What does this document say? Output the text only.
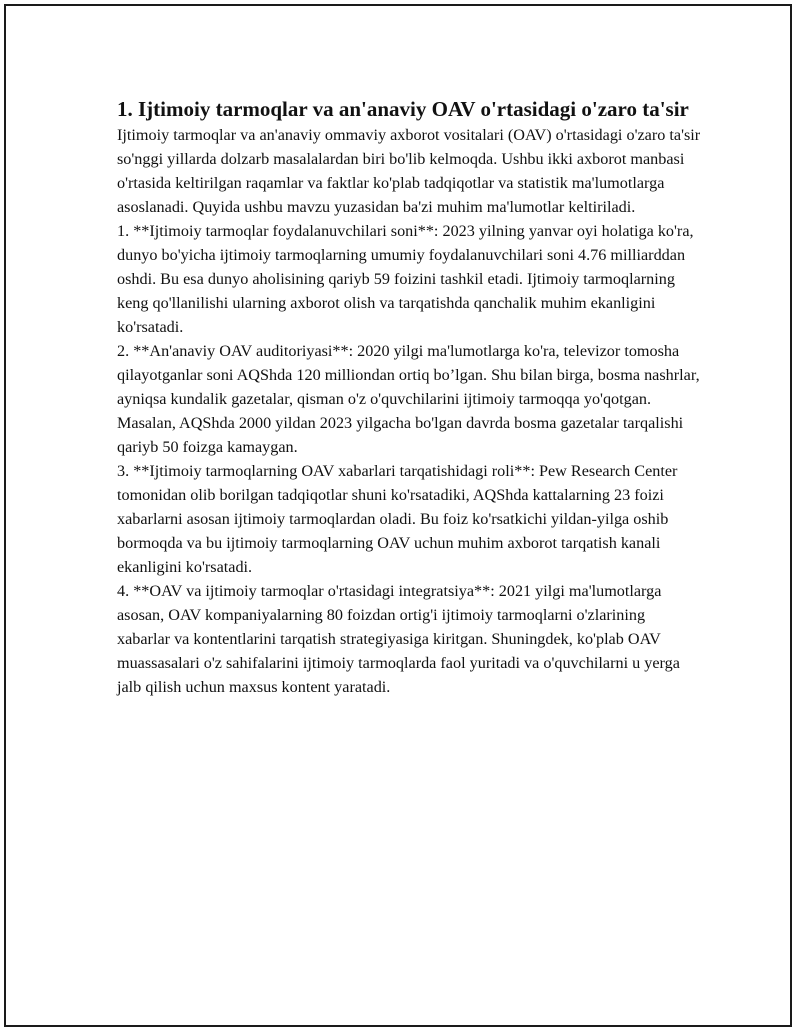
1. Ijtimoiy tarmoqlar va an'anaviy OAV o'rtasidagi o'zaro ta'sir

Ijtimoiy tarmoqlar va an'anaviy ommaviy axborot vositalari (OAV) o'rtasidagi o'zaro ta'sir so'nggi yillarda dolzarb masalalardan biri bo'lib kelmoqda. Ushbu ikki axborot manbasi o'rtasida keltirilgan raqamlar va faktlar ko'plab tadqiqotlar va statistik ma'lumotlarga asoslanadi. Quyida ushbu mavzu yuzasidan ba'zi muhim ma'lumotlar keltiriladi.

1. **Ijtimoiy tarmoqlar foydalanuvchilari soni**: 2023 yilning yanvar oyi holatiga ko'ra, dunyo bo'yicha ijtimoiy tarmoqlarning umumiy foydalanuvchilari soni 4.76 milliarddan oshdi. Bu esa dunyo aholisining qariyb 59 foizini tashkil etadi. Ijtimoiy tarmoqlarning keng qo'llanilishi ularning axborot olish va tarqatishda qanchalik muhim ekanligini ko'rsatadi.

2. **An'anaviy OAV auditoriyasi**: 2020 yilgi ma'lumotlarga ko'ra, televizor tomosha qilayotganlar soni AQShda 120 milliondan ortiq bo’lgan. Shu bilan birga, bosma nashrlar, ayniqsa kundalik gazetalar, qisman o'z o'quvchilarini ijtimoiy tarmoqqa yo'qotgan. Masalan, AQShda 2000 yildan 2023 yilgacha bo'lgan davrda bosma gazetalar tarqalishi qariyb 50 foizga kamaygan.

3. **Ijtimoiy tarmoqlarning OAV xabarlari tarqatishidagi roli**: Pew Research Center tomonidan olib borilgan tadqiqotlar shuni ko'rsatadiki, AQShda kattalarning 23 foizi xabarlarni asosan ijtimoiy tarmoqlardan oladi. Bu foiz ko'rsatkichi yildan-yilga oshib bormoqda va bu ijtimoiy tarmoqlarning OAV uchun muhim axborot tarqatish kanali ekanligini ko'rsatadi.

4. **OAV va ijtimoiy tarmoqlar o'rtasidagi integratsiya**: 2021 yilgi ma'lumotlarga asosan, OAV kompaniyalarning 80 foizdan ortig'i ijtimoiy tarmoqlarni o'zlarining xabarlar va kontentlarini tarqatish strategiyasiga kiritgan. Shuningdek, ko'plab OAV muassasalari o'z sahifalarini ijtimoiy tarmoqlarda faol yuritadi va o'quvchilarni u yerga jalb qilish uchun maxsus kontent yaratadi.
